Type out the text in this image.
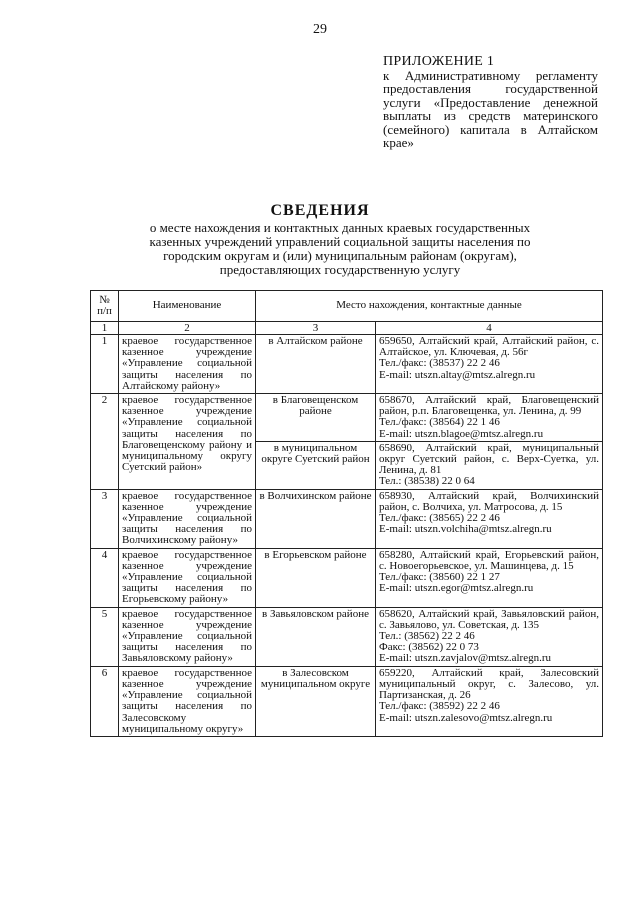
29
ПРИЛОЖЕНИЕ 1
к Административному регламенту предоставления государственной услуги «Предоставление денежной выплаты из средств материнского (семейного) капитала в Алтайском крае»
СВЕДЕНИЯ
о месте нахождения и контактных данных краевых государственных казенных учреждений управлений социальной защиты населения по городским округам и (или) муниципальным районам (округам), предоставляющих государственную услугу
№ п/п	Наименование	Место нахождения, контактные данные	
1	2	3	4
1	краевое государственное казенное учреждение «Управление социальной защиты населения по Алтайскому району»	в Алтайском районе	659650, Алтайский край, Алтайский район, с. Алтайское, ул. Ключевая, д. 56г
Тел./факс: (38537) 22 2 46
E-mail: utszn.altay@mtsz.alregn.ru

2	краевое государственное казенное учреждение «Управление социальной защиты населения по Благовещенскому району и муниципальному округу Суетский район»	в Благовещенском районе	658670, Алтайский край, Благовещенский район, р.п. Благовещенка, ул. Ленина, д. 99
Тел./факс: (38564) 22 1 46
E-mail: utszn.blagoe@mtsz.alregn.ru

		в муниципальном округе Суетский район	658690, Алтайский край, муниципальный округ Суетский район, с. Верх-Суетка, ул. Ленина, д. 81
Тел.: (38538) 22 0 64

3	краевое государственное казенное учреждение «Управление социальной защиты населения по Волчихинскому району»	в Волчихинском районе	658930, Алтайский край, Волчихинский район, с. Волчиха, ул. Матросова, д. 15
Тел./факс: (38565) 22 2 46
E-mail: utszn.volchiha@mtsz.alregn.ru

4	краевое государственное казенное учреждение «Управление социальной защиты населения по Егорьевскому району»	в Егорьевском районе	658280, Алтайский край, Егорьевский район, с. Новоегорьевское, ул. Машинцева, д. 15
Тел./факс: (38560) 22 1 27
E-mail: utszn.egor@mtsz.alregn.ru

5	краевое государственное казенное учреждение «Управление социальной защиты населения по Завьяловскому району»	в Завьяловском районе	658620, Алтайский край, Завьяловский район, с. Завьялово, ул. Советская, д. 135
Тел.: (38562) 22 2 46
Факс: (38562) 22 0 73
E-mail: utszn.zavjalov@mtsz.alregn.ru

6	краевое государственное казенное учреждение «Управление социальной защиты населения по Залесовскому муниципальному округу»	в Залесовском муниципальном округе	659220, Алтайский край, Залесовский муниципальный округ, с. Залесово, ул. Партизанская, д. 26
Тел./факс: (38592) 22 2 46
E-mail: utszn.zalesovo@mtsz.alregn.ru
